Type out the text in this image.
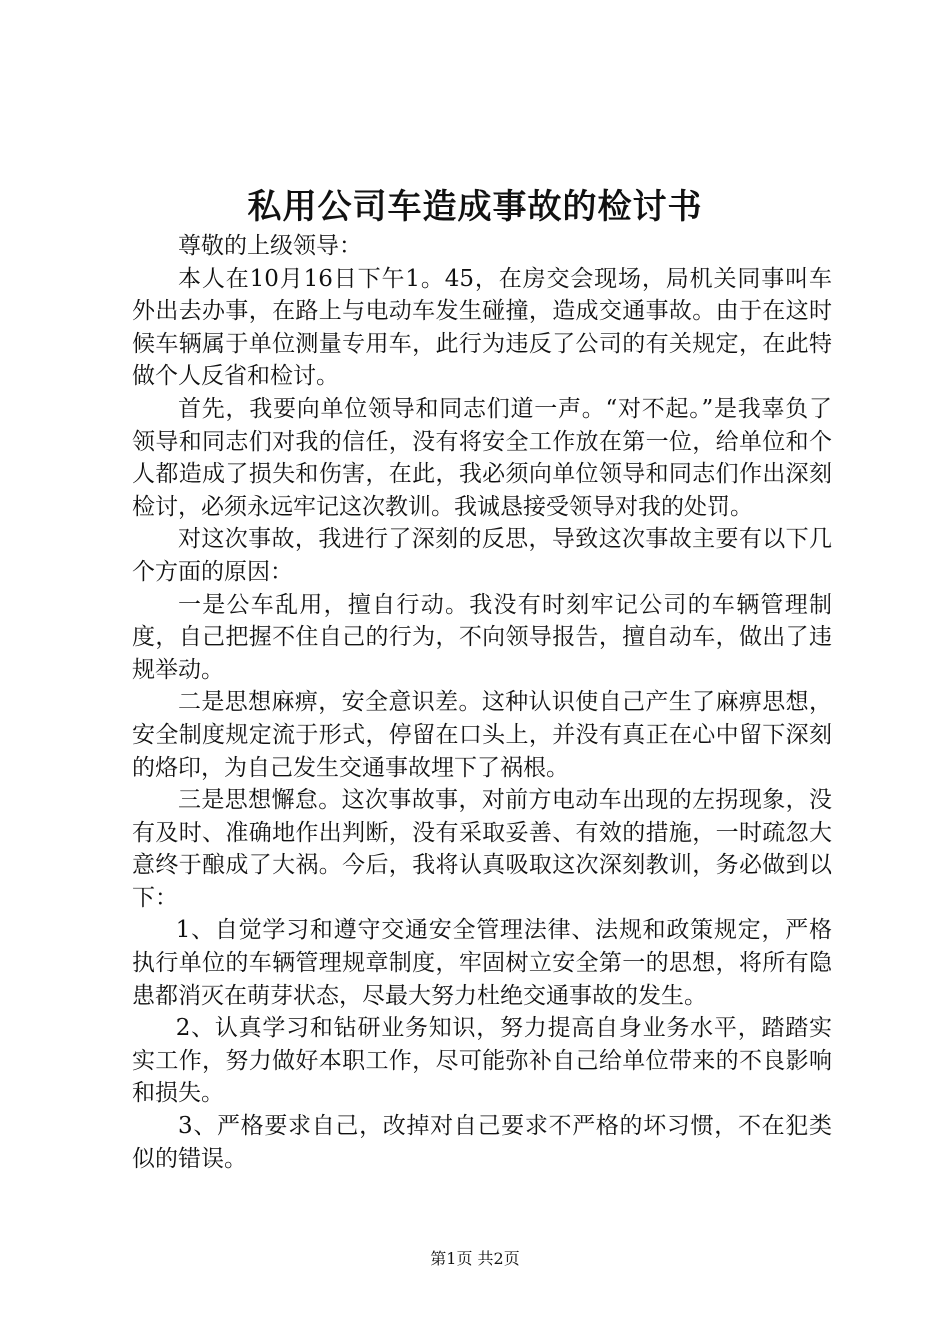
私用公司车造成事故的检讨书

尊敬的上级领导：

本人在10月16日下午1。45，在房交会现场，局机关同事叫车外出去办事，在路上与电动车发生碰撞，造成交通事故。由于在这时候车辆属于单位测量专用车，此行为违反了公司的有关规定，在此特做个人反省和检讨。

首先，我要向单位领导和同志们道一声。“对不起。”是我辜负了领导和同志们对我的信任，没有将安全工作放在第一位，给单位和个人都造成了损失和伤害，在此，我必须向单位领导和同志们作出深刻检讨，必须永远牢记这次教训。我诚恳接受领导对我的处罚。

对这次事故，我进行了深刻的反思，导致这次事故主要有以下几个方面的原因：

一是公车乱用，擅自行动。我没有时刻牢记公司的车辆管理制度，自己把握不住自己的行为，不向领导报告，擅自动车，做出了违规举动。

二是思想麻痹，安全意识差。这种认识使自己产生了麻痹思想，安全制度规定流于形式，停留在口头上，并没有真正在心中留下深刻的烙印，为自己发生交通事故埋下了祸根。

三是思想懈怠。这次事故事，对前方电动车出现的左拐现象，没有及时、准确地作出判断，没有采取妥善、有效的措施，一时疏忽大意终于酿成了大祸。今后，我将认真吸取这次深刻教训，务必做到以下：

1、自觉学习和遵守交通安全管理法律、法规和政策规定，严格执行单位的车辆管理规章制度，牢固树立安全第一的思想，将所有隐患都消灭在萌芽状态，尽最大努力杜绝交通事故的发生。

2、认真学习和钻研业务知识，努力提高自身业务水平，踏踏实实工作，努力做好本职工作，尽可能弥补自己给单位带来的不良影响和损失。

3、严格要求自己，改掉对自己要求不严格的坏习惯，不在犯类似的错误。

第1页 共2页
